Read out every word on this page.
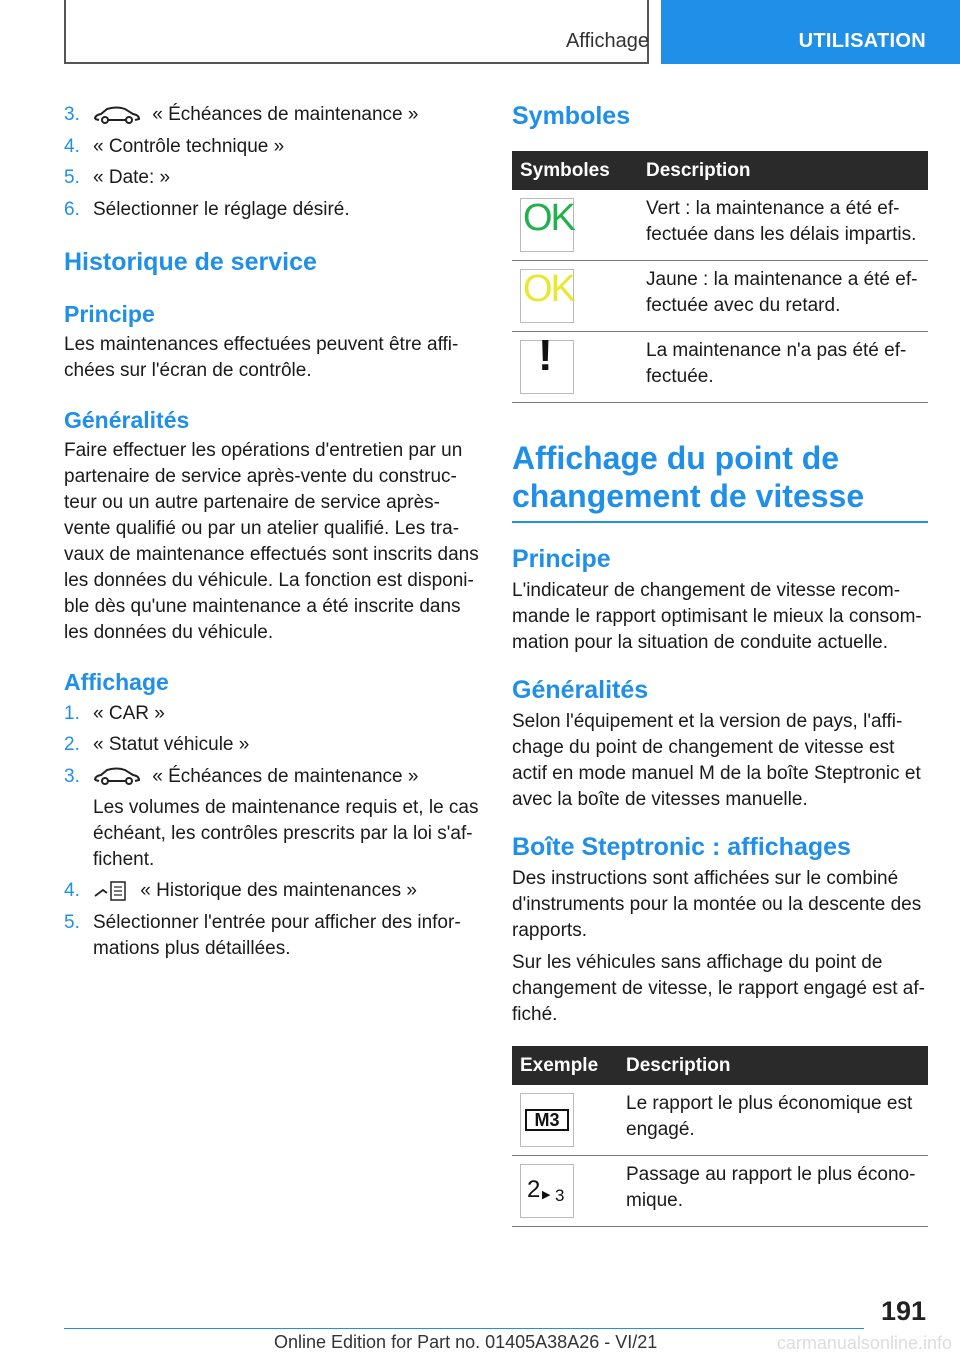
Affichage	UTILISATION
3.	« Échéances de maintenance »
4. « Contrôle technique »
5. « Date: »
6. Sélectionner le réglage désiré.
Historique de service
Principe

Les maintenances effectuées peuvent être affi-chées sur l'écran de contrôle.

Généralités

Faire effectuer les opérations d'entretien par un partenaire de service après-vente du construc-teur ou un autre partenaire de service après-vente qualifié ou par un atelier qualifié. Les tra-vaux de maintenance effectués sont inscrits dans les données du véhicule. La fonction est disponi-ble dès qu'une maintenance a été inscrite dans les données du véhicule.

Affichage
1. « CAR »
2. « Statut véhicule »
3.	« Échéances de maintenance »
Les volumes de maintenance requis et, le cas échéant, les contrôles prescrits par la loi s'af-fichent.
4.	« Historique des maintenances »
5. Sélectionner l'entrée pour afficher des infor-mations plus détaillées.
Symboles
Symboles	Description

OK	Vert : la maintenance a été ef-fectuée dans les délais impartis.

OK	Jaune : la maintenance a été ef-fectuée avec du retard.

!	La maintenance n'a pas été ef-fectuée.
Affichage du point de changement de vitesse
Principe

L'indicateur de changement de vitesse recom-mande le rapport optimisant le mieux la consom-mation pour la situation de conduite actuelle.

Généralités

Selon l'équipement et la version de pays, l'affi-chage du point de changement de vitesse est actif en mode manuel M de la boîte Steptronic et avec la boîte de vitesses manuelle.

Boîte Steptronic : affichages

Des instructions sont affichées sur le combiné d'instruments pour la montée ou la descente des rapports.

Sur les véhicules sans affichage du point de changement de vitesse, le rapport engagé est af-fiché.

Exemple	Description

M3	Le rapport le plus économique est engagé.

2 ▶ 3	Passage au rapport le plus écono-mique.
191
Online Edition for Part no. 01405A38A26 - VI/21	carmanualsonline.info
